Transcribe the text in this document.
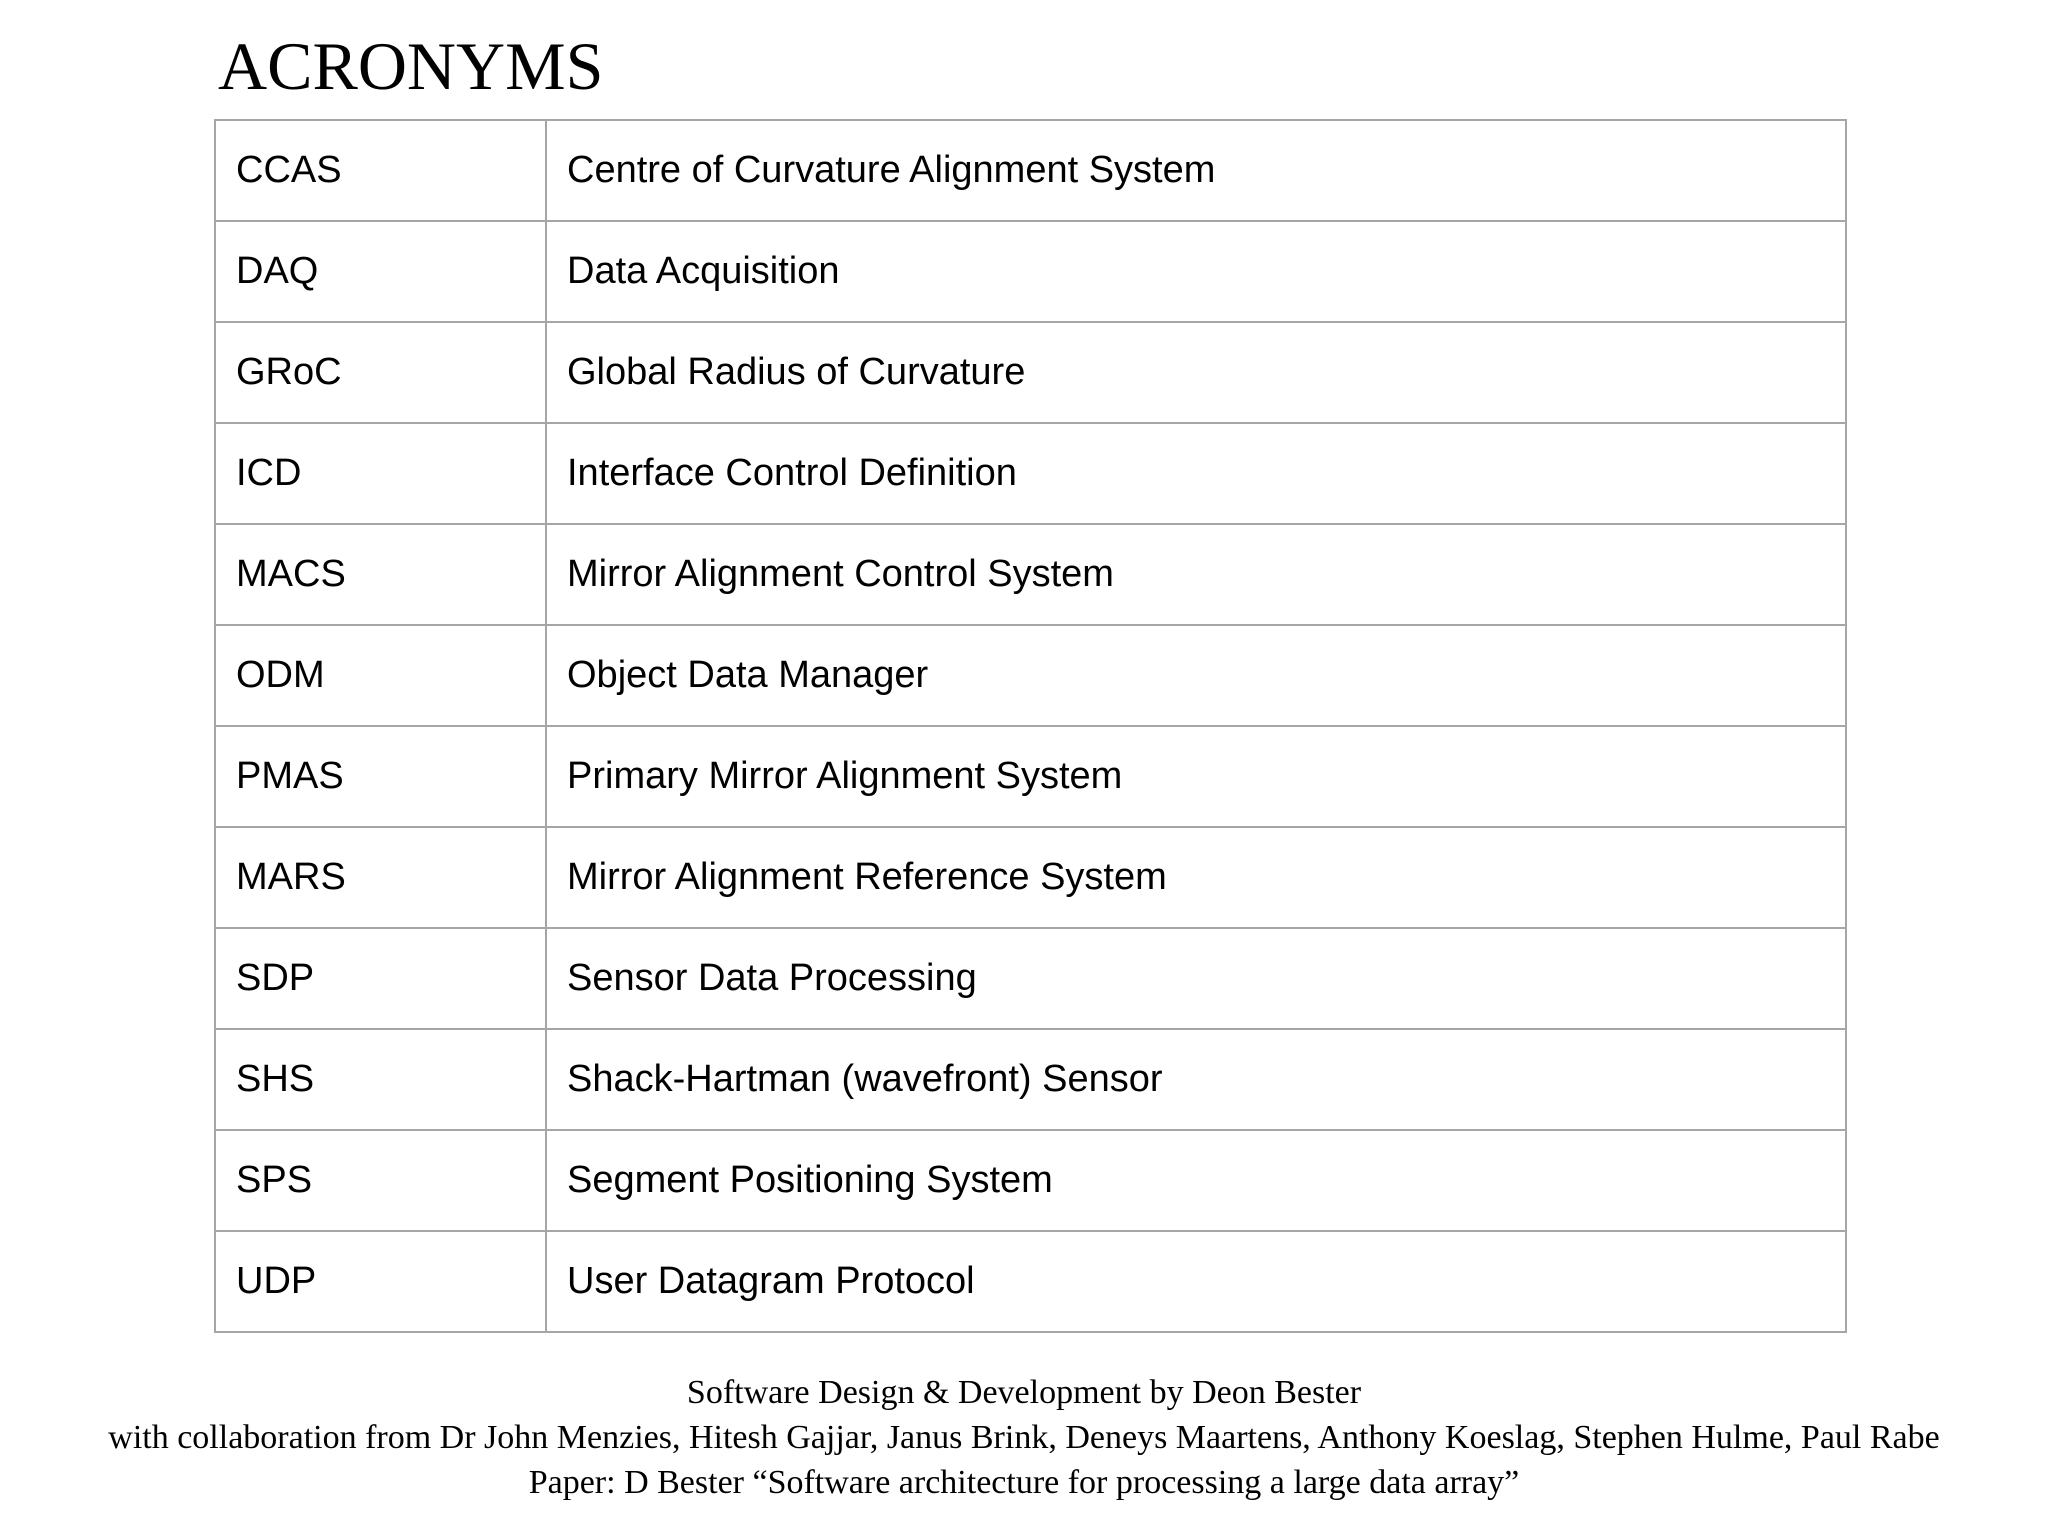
ACRONYMS
CCAS	Centre of Curvature Alignment System
DAQ	Data Acquisition
GRoC	Global Radius of Curvature
ICD	Interface Control Definition
MACS	Mirror Alignment Control System
ODM	Object Data Manager
PMAS	Primary Mirror Alignment System
MARS	Mirror Alignment Reference System
SDP	Sensor Data Processing
SHS	Shack-Hartman (wavefront) Sensor
SPS	Segment Positioning System
UDP	User Datagram Protocol
Software Design & Development by Deon Bester
with collaboration from Dr John Menzies, Hitesh Gajjar, Janus Brink, Deneys Maartens, Anthony Koeslag, Stephen Hulme, Paul Rabe
Paper: D Bester “Software architecture for processing a large data array”
